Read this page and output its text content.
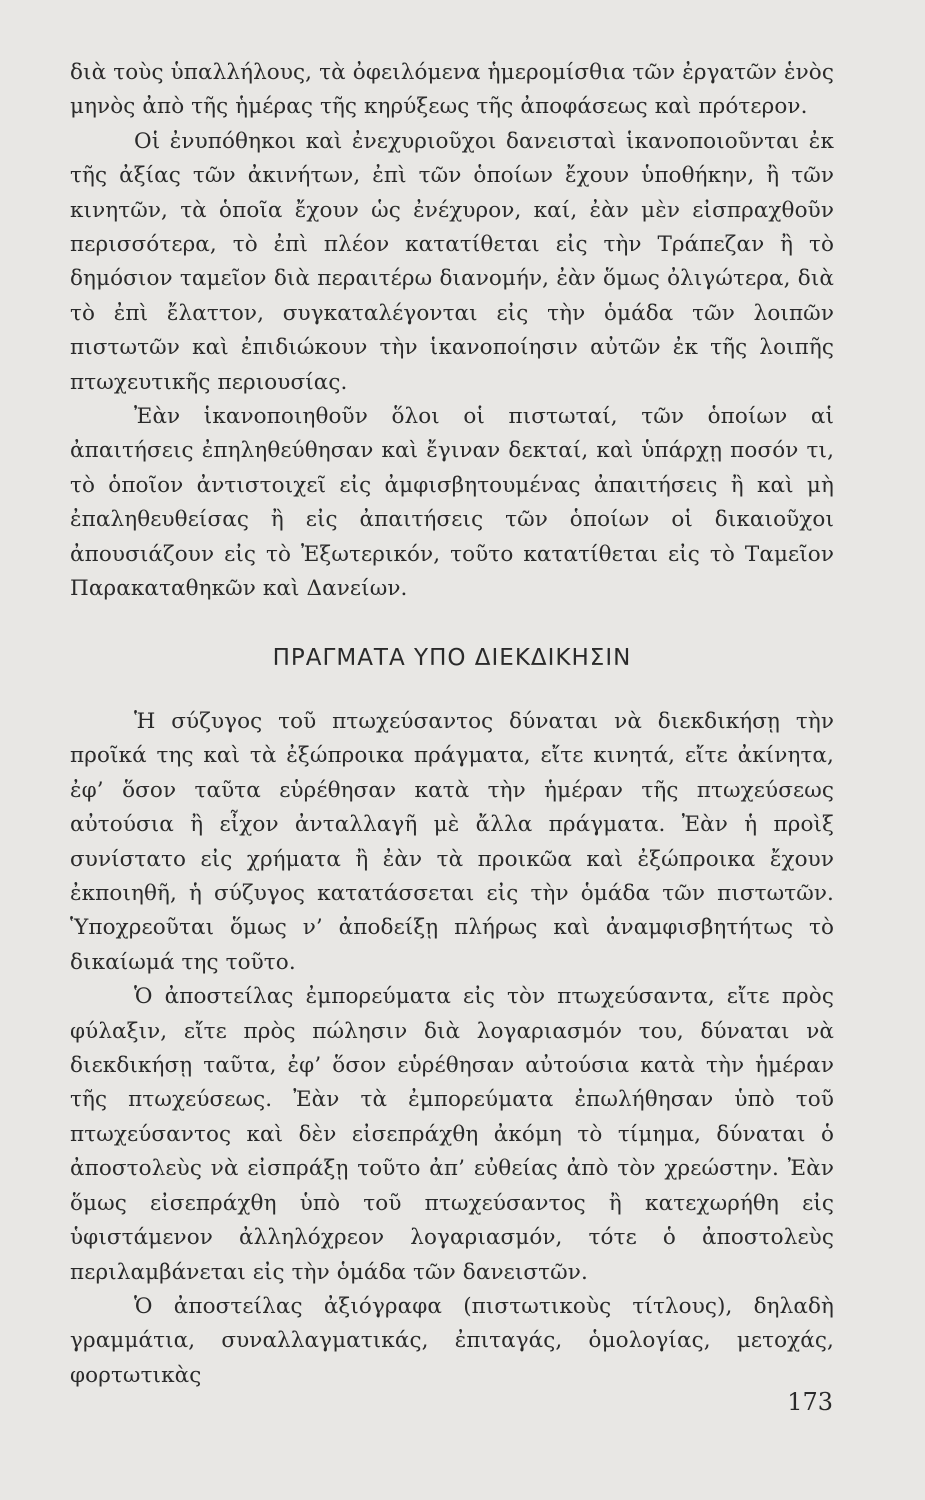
διὰ τοὺς ὑπαλλήλους, τὰ ὀφειλόμενα ἡμερομίσθια τῶν ἐργατῶν ἑνὸς μηνὸς ἀπὸ τῆς ἡμέρας τῆς κηρύξεως τῆς ἀποφάσεως καὶ πρότερον.

Οἱ ἐνυπόθηκοι καὶ ἐνεχυριοῦχοι δανεισταὶ ἱκανοποιοῦνται ἐκ τῆς ἀξίας τῶν ἀκινήτων, ἐπὶ τῶν ὁποίων ἔχουν ὑποθήκην, ἢ τῶν κινητῶν, τὰ ὁποῖα ἔχουν ὡς ἐνέχυρον, καί, ἐὰν μὲν εἰσπραχθοῦν περισσότερα, τὸ ἐπὶ πλέον κατατίθεται εἰς τὴν Τράπεζαν ἢ τὸ δημόσιον ταμεῖον διὰ περαιτέρω διανομήν, ἐὰν ὅμως ὀλιγώτερα, διὰ τὸ ἐπὶ ἔλαττον, συγκαταλέγονται εἰς τὴν ὁμάδα τῶν λοιπῶν πιστωτῶν καὶ ἐπιδιώκουν τὴν ἱκανοποίησιν αὐτῶν ἐκ τῆς λοιπῆς πτωχευτικῆς περιουσίας.

Ἐὰν ἱκανοποιηθοῦν ὅλοι οἱ πιστωταί, τῶν ὁποίων αἱ ἀπαιτήσεις ἐπηληθεύθησαν καὶ ἔγιναν δεκταί, καὶ ὑπάρχῃ ποσόν τι, τὸ ὁποῖον ἀντιστοιχεῖ εἰς ἀμφισβητουμένας ἀπαιτήσεις ἢ καὶ μὴ ἐπαληθευθείσας ἢ εἰς ἀπαιτήσεις τῶν ὁποίων οἱ δικαιοῦχοι ἀπουσιάζουν εἰς τὸ Ἐξωτερικόν, τοῦτο κατατίθεται εἰς τὸ Ταμεῖον Παρακαταθηκῶν καὶ Δανείων.

ΠΡΑΓΜΑΤΑ ΥΠΟ ΔΙΕΚΔΙΚΗΣΙΝ

Ἡ σύζυγος τοῦ πτωχεύσαντος δύναται νὰ διεκδικήσῃ τὴν προῖκά της καὶ τὰ ἐξώπροικα πράγματα, εἴτε κινητά, εἴτε ἀκίνητα, ἐφ’ ὅσον ταῦτα εὑρέθησαν κατὰ τὴν ἡμέραν τῆς πτωχεύσεως αὐτούσια ἢ εἶχον ἀνταλλαγῆ μὲ ἄλλα πράγματα. Ἐὰν ἡ προὶξ συνίστατο εἰς χρήματα ἢ ἐὰν τὰ προικῶα καὶ ἐξώπροικα ἔχουν ἐκποιηθῆ, ἡ σύζυγος κατατάσσεται εἰς τὴν ὁμάδα τῶν πιστωτῶν. Ὑποχρεοῦται ὅμως ν’ ἀποδείξῃ πλήρως καὶ ἀναμφισβητήτως τὸ δικαίωμά της τοῦτο.

Ὁ ἀποστείλας ἐμπορεύματα εἰς τὸν πτωχεύσαντα, εἴτε πρὸς φύλαξιν, εἴτε πρὸς πώλησιν διὰ λογαριασμόν του, δύναται νὰ διεκδικήσῃ ταῦτα, ἐφ’ ὅσον εὑρέθησαν αὐτούσια κατὰ τὴν ἡμέραν τῆς πτωχεύσεως. Ἐὰν τὰ ἐμπορεύματα ἐπωλήθησαν ὑπὸ τοῦ πτωχεύσαντος καὶ δὲν εἰσεπράχθη ἀκόμη τὸ τίμημα, δύναται ὁ ἀποστολεὺς νὰ εἰσπράξῃ τοῦτο ἀπ’ εὐθείας ἀπὸ τὸν χρεώστην. Ἐὰν ὅμως εἰσεπράχθη ὑπὸ τοῦ πτωχεύσαντος ἢ κατεχωρήθη εἰς ὑφιστάμενον ἀλληλόχρεον λογαριασμόν, τότε ὁ ἀποστολεὺς περιλαμβάνεται εἰς τὴν ὁμάδα τῶν δανειστῶν.

Ὁ ἀποστείλας ἀξιόγραφα (πιστωτικοὺς τίτλους), δηλαδὴ γραμμάτια, συναλλαγματικάς, ἐπιταγάς, ὁμολογίας, μετοχάς, φορτωτικὰς

173
